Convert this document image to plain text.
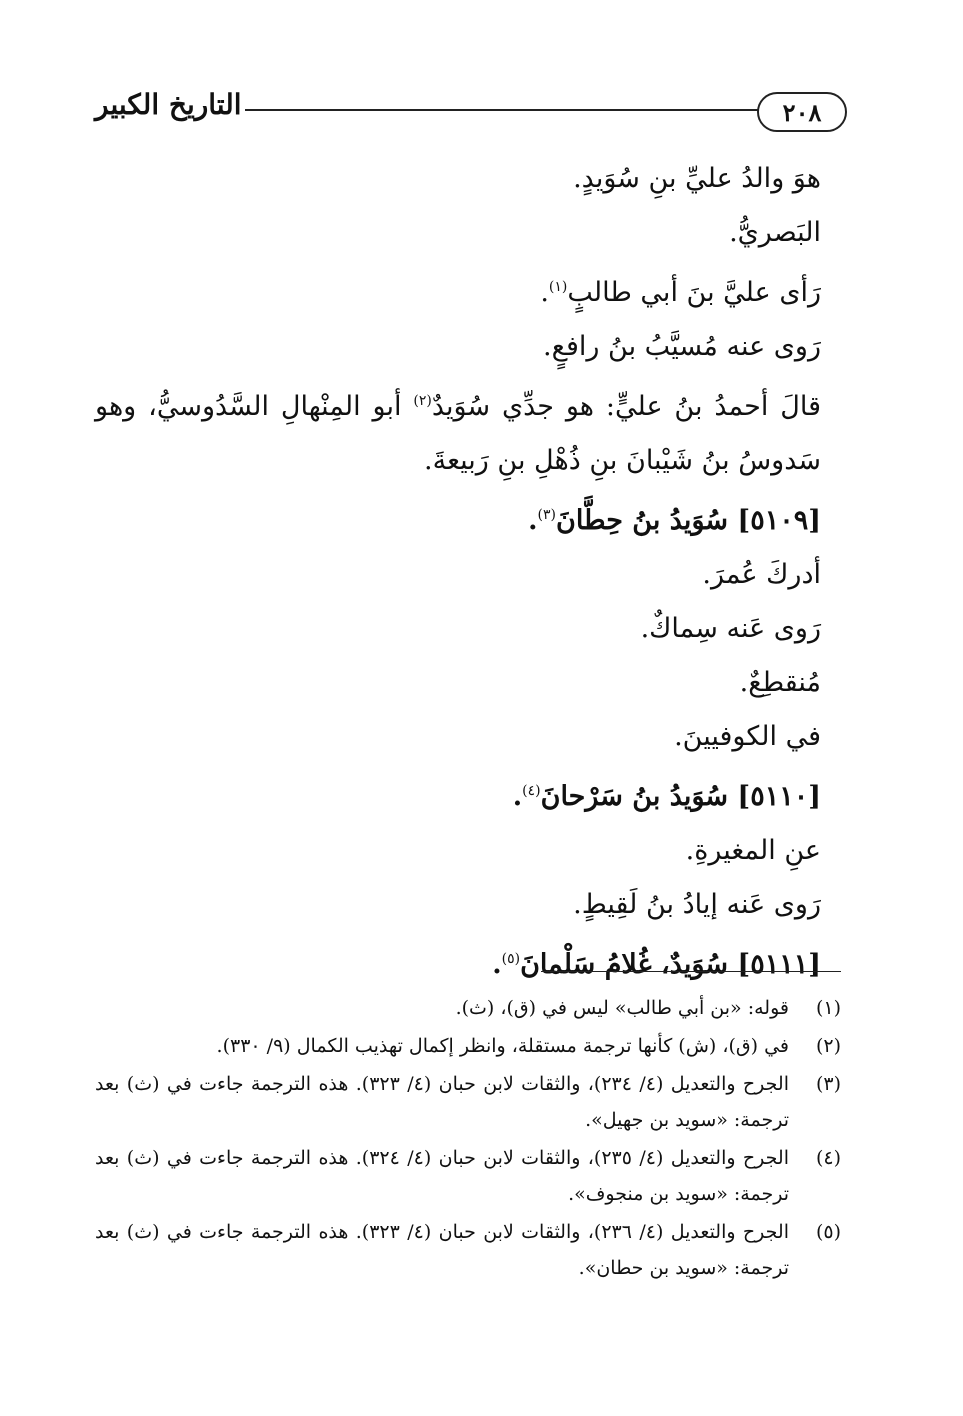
٢٠٨
التاريخ الكبير

هوَ والدُ عليِّ بنِ سُوَيدٍ.

البَصريُّ.

رَأى عليَّ بنَ أبي طالبٍ$^{(١)}$.

رَوى عنه مُسيَّبُ بنُ رافعٍ.

قالَ أحمدُ بنُ عليٍّ: هو جدِّي سُوَيدٌ$^{(٢)}$ أبو المِنْهالِ السَّدُوسيُّ، وهو سَدوسُ بنُ شَيْبانَ بنِ ذُهْلِ بنِ رَبيعةَ.

[٥١٠٩] سُوَيدُ بنُ حِطَّانَ$^{(٣)}$.

أدركَ عُمرَ.

رَوى عَنه سِماكٌ.

مُنقطِعٌ.

في الكوفيينَ.

[٥١١٠] سُوَيدُ بنُ سَرْحانَ$^{(٤)}$.

عنِ المغيرةِ.

رَوى عَنه إيادُ بنُ لَقِيطٍ.

[٥١١١] سُوَيدٌ، غُلامُ سَلْمانَ$^{(٥)}$.

(١)
قوله: «بن أبي طالب» ليس في (ق)، (ث).
(٢)
في (ق)، (ش) كأنها ترجمة مستقلة، وانظر إكمال تهذيب الكمال (٩/ ٣٣٠).
(٣)
الجرح والتعديل (٤/ ٢٣٤)، والثقات لابن حبان (٤/ ٣٢٣). هذه الترجمة جاءت في (ث) بعد ترجمة: «سويد بن جهيل».
(٤)
الجرح والتعديل (٤/ ٢٣٥)، والثقات لابن حبان (٤/ ٣٢٤). هذه الترجمة جاءت في (ث) بعد ترجمة: «سويد بن منجوف».
(٥)
الجرح والتعديل (٤/ ٢٣٦)، والثقات لابن حبان (٤/ ٣٢٣). هذه الترجمة جاءت في (ث) بعد ترجمة: «سويد بن حطان».
